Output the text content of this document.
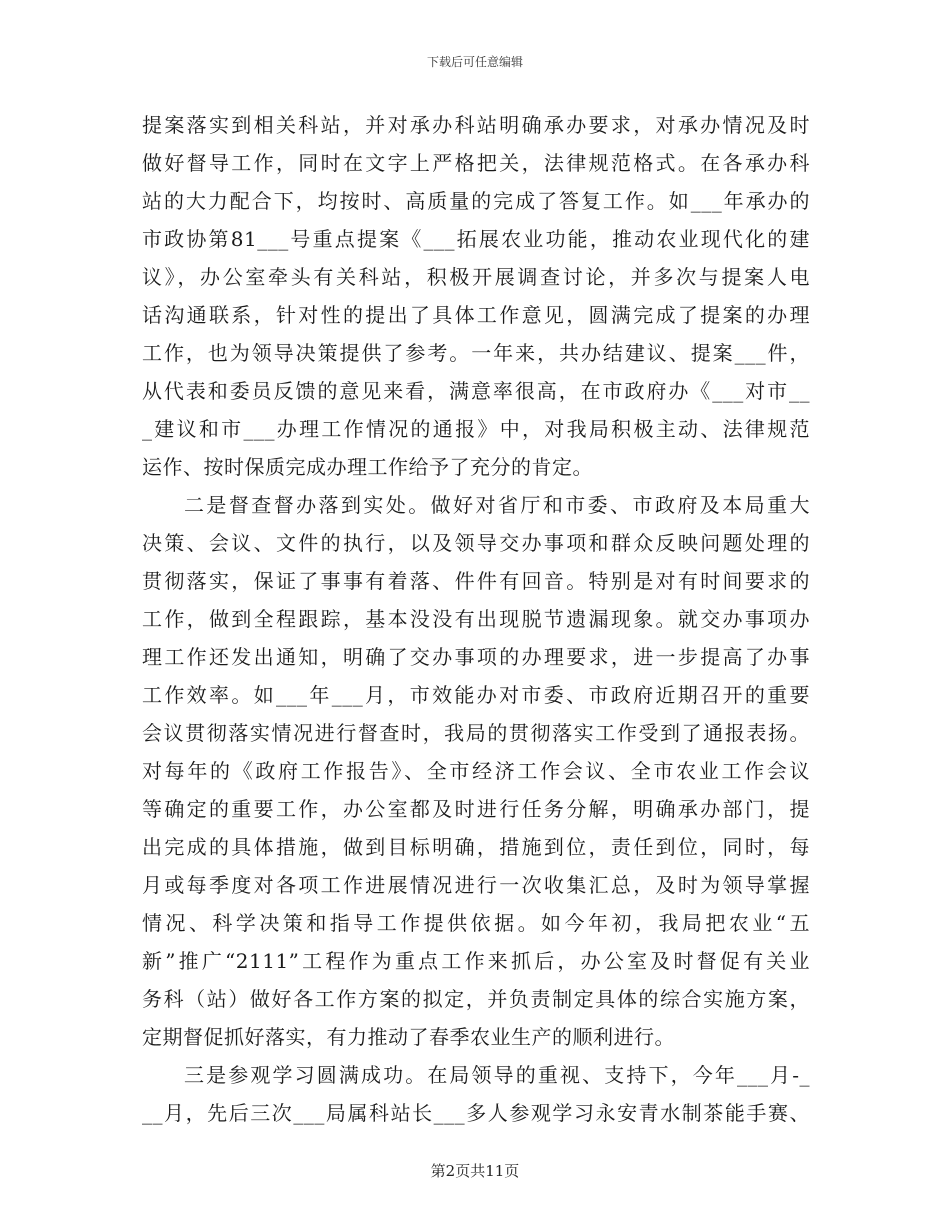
下载后可任意编辑
提案落实到相关科站，并对承办科站明确承办要求，对承办情况及时
做好督导工作，同时在文字上严格把关，法律规范格式。在各承办科
站的大力配合下，均按时、高质量的完成了答复工作。如___年承办的
市政协第81___号重点提案《___拓展农业功能，推动农业现代化的建
议》，办公室牵头有关科站，积极开展调查讨论，并多次与提案人电
话沟通联系，针对性的提出了具体工作意见，圆满完成了提案的办理
工作，也为领导决策提供了参考。一年来，共办结建议、提案___件，
从代表和委员反馈的意见来看，满意率很高，在市政府办《___对市__
_建议和市___办理工作情况的通报》中，对我局积极主动、法律规范
运作、按时保质完成办理工作给予了充分的肯定。
二是督查督办落到实处。做好对省厅和市委、市政府及本局重大
决策、会议、文件的执行，以及领导交办事项和群众反映问题处理的
贯彻落实，保证了事事有着落、件件有回音。特别是对有时间要求的
工作，做到全程跟踪，基本没没有出现脱节遗漏现象。就交办事项办
理工作还发出通知，明确了交办事项的办理要求，进一步提高了办事
工作效率。如___年___月，市效能办对市委、市政府近期召开的重要
会议贯彻落实情况进行督查时，我局的贯彻落实工作受到了通报表扬。
对每年的《政府工作报告》、全市经济工作会议、全市农业工作会议
等确定的重要工作，办公室都及时进行任务分解，明确承办部门，提
出完成的具体措施，做到目标明确，措施到位，责任到位，同时，每
月或每季度对各项工作进展情况进行一次收集汇总，及时为领导掌握
情况、科学决策和指导工作提供依据。如今年初，我局把农业“五
新”推广“2111”工程作为重点工作来抓后，办公室及时督促有关业
务科（站）做好各工作方案的拟定，并负责制定具体的综合实施方案，
定期督促抓好落实，有力推动了春季农业生产的顺利进行。
三是参观学习圆满成功。在局领导的重视、支持下，今年___月-_
__月，先后三次___局属科站长___多人参观学习永安青水制茶能手赛、
第2页共11页
